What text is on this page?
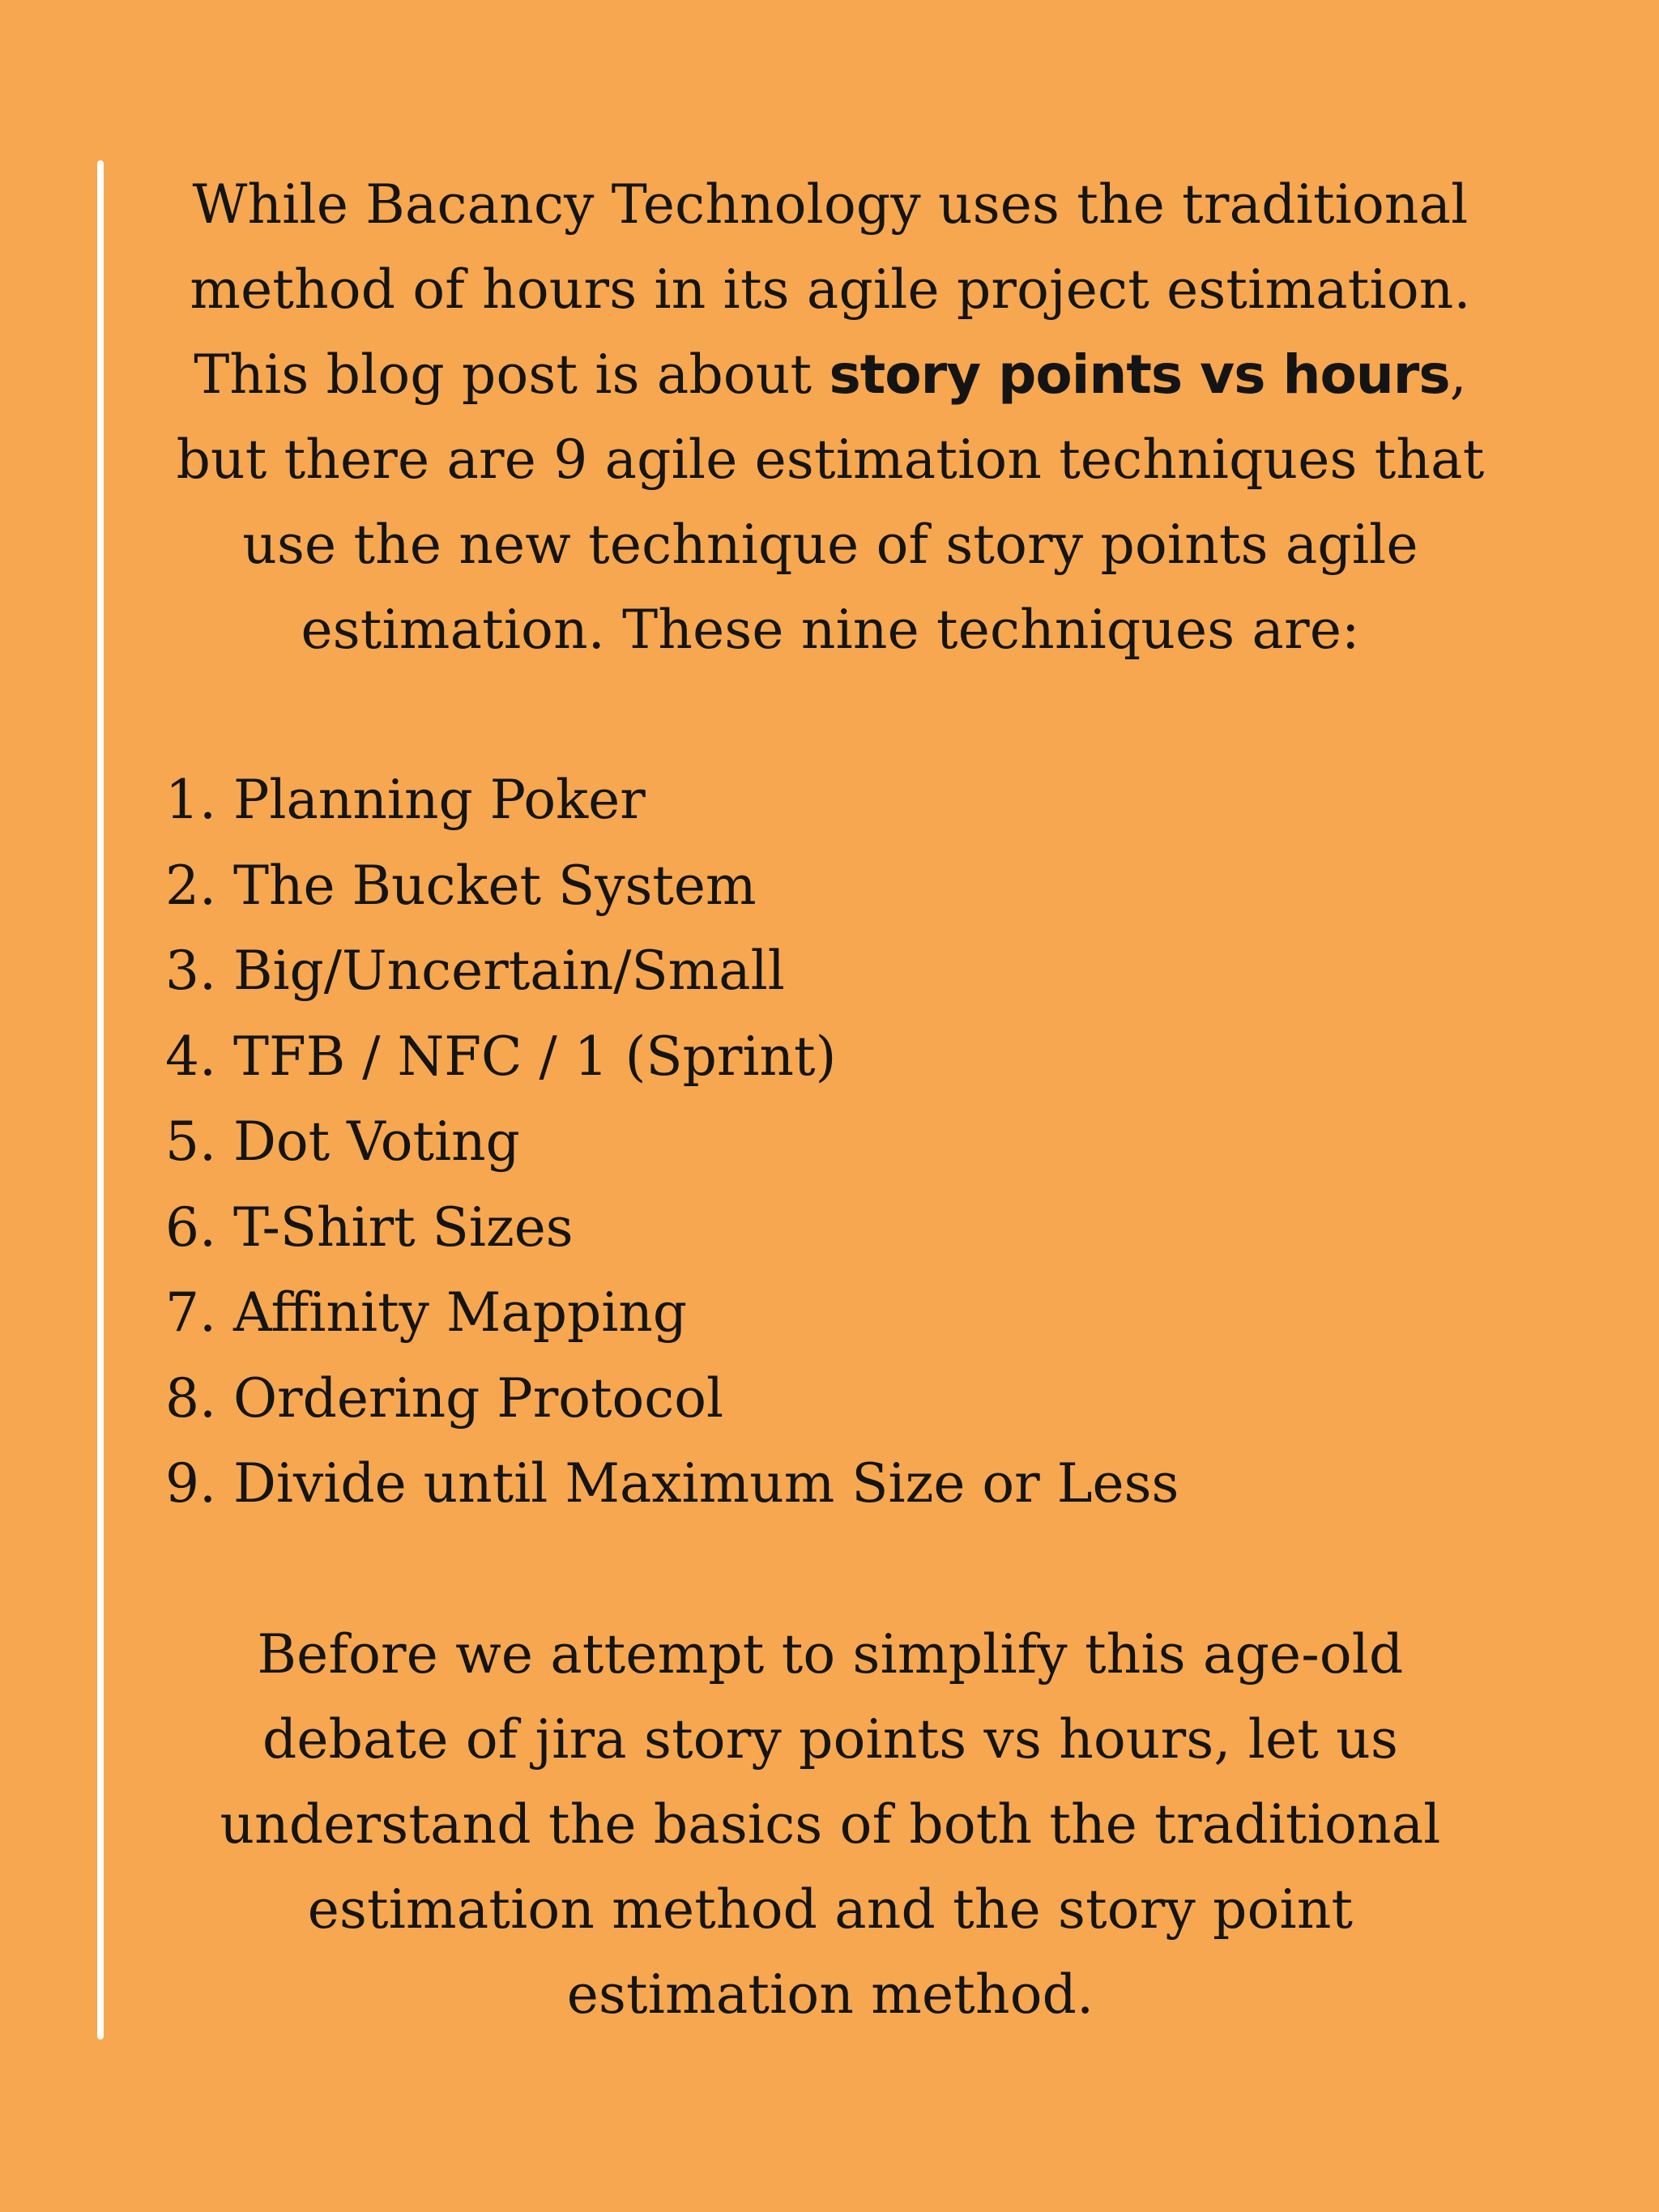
While Bacancy Technology uses the traditional
method of hours in its agile project estimation.
This blog post is about story points vs hours,
but there are 9 agile estimation techniques that
use the new technique of story points agile
estimation. These nine techniques are:

1. Planning Poker
2. The Bucket System
3. Big/Uncertain/Small
4. TFB / NFC / 1 (Sprint)
5. Dot Voting
6. T-Shirt Sizes
7. Affinity Mapping
8. Ordering Protocol
9. Divide until Maximum Size or Less

Before we attempt to simplify this age-old
debate of jira story points vs hours, let us
understand the basics of both the traditional
estimation method and the story point
estimation method.
